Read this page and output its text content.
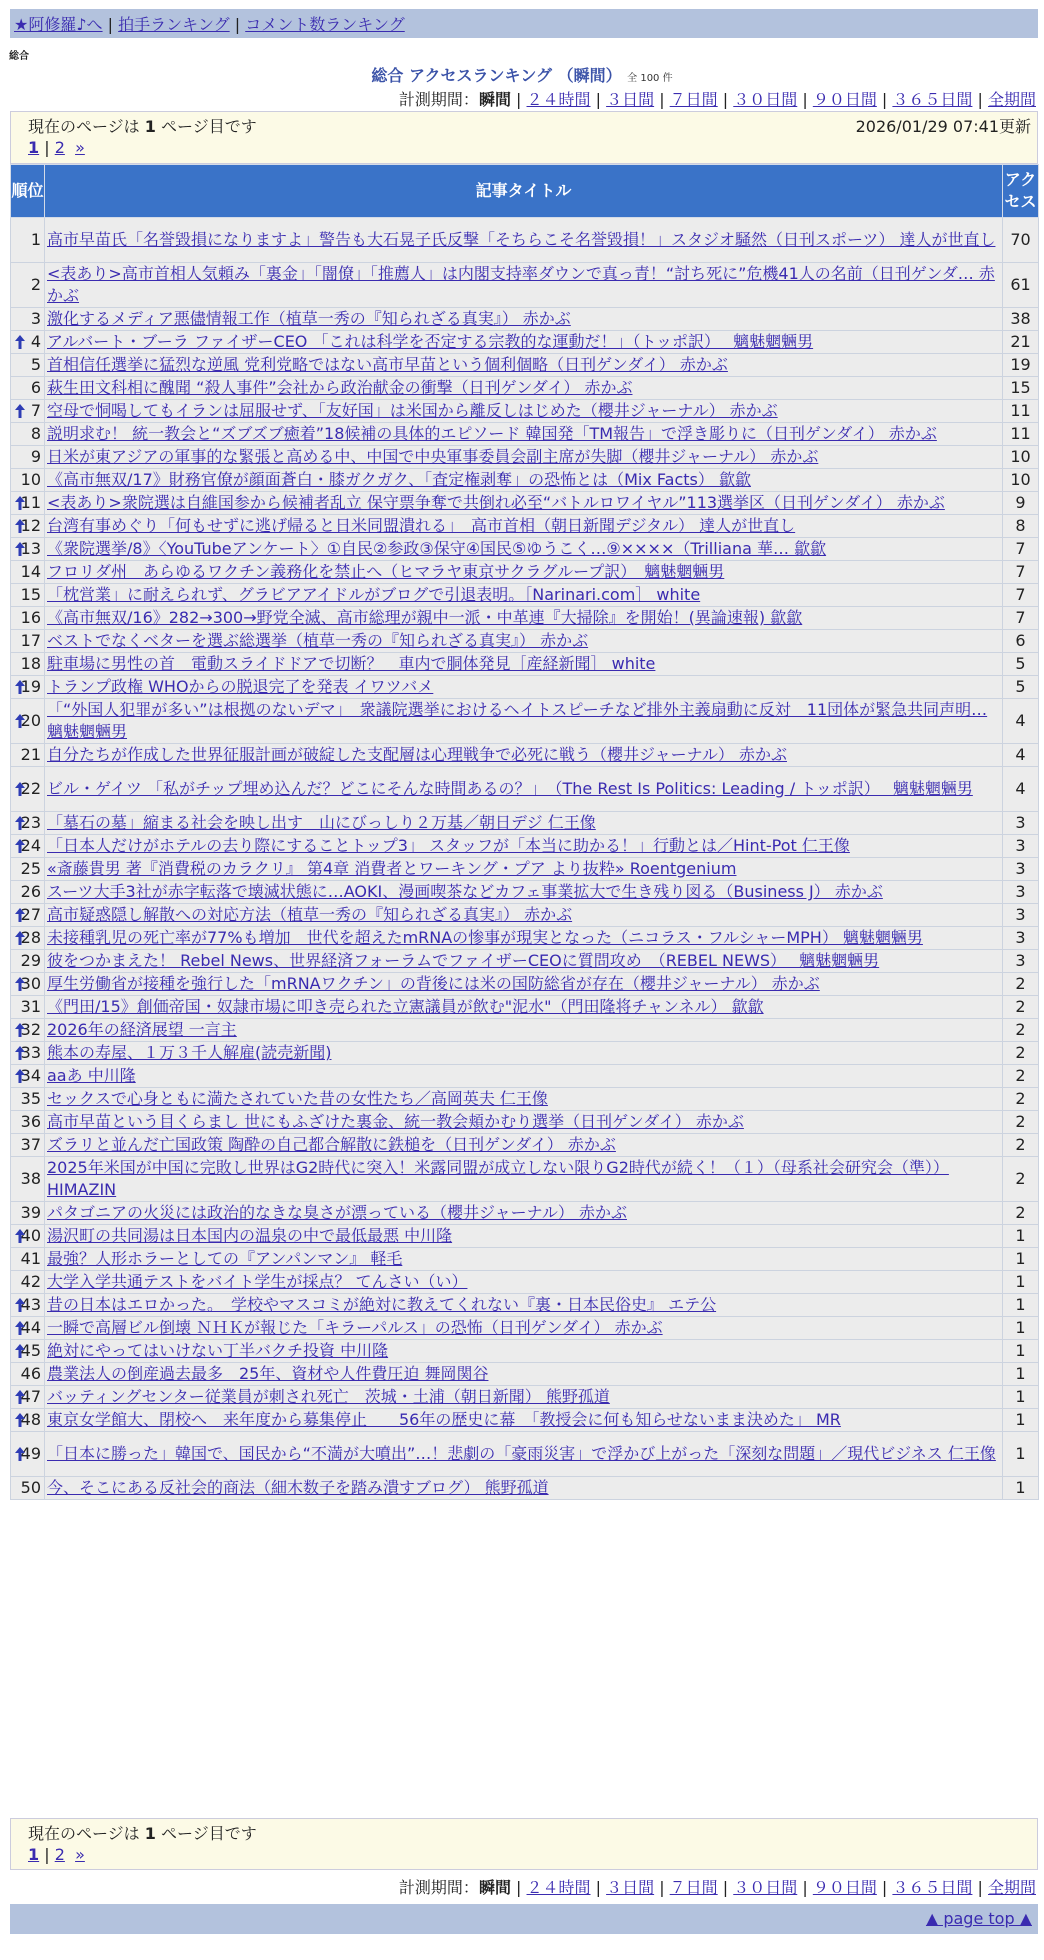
★阿修羅♪へ | 拍手ランキング | コメント数ランキング
総合
総合 アクセスランキング （瞬間） 全 100 件
計測期間：瞬間 | ２４時間 | ３日間 | ７日間 | ３０日間 | ９０日間 | ３６５日間 | 全期間
現在のページは 1 ページ目です	2026/01/29 07:41更新
1 | 2 »
順位	記事タイトル	アクセス
1	高市早苗氏「名誉毀損になりますよ」警告も大石晃子氏反撃「そちらこそ名誉毀損！」スタジオ騒然（日刊スポーツ） 達人が世直し	70
2	<表あり>高市首相人気頼み「裏金」「闇僚」「推薦人」は内閣支持率ダウンで真っ青！“討ち死に”危機41人の名前（日刊ゲンダ… 赤かぶ	61
3	激化するメディア悪儘情報工作（植草一秀の『知られざる真実』） 赤かぶ	38

4	アルバート・ブーラ ファイザーCEO 「これは科学を否定する宗教的な運動だ！」（トッポ訳）　 魑魅魍魎男	21
5	首相信任選挙に猛烈な逆風 党利党略ではない高市早苗という個利個略（日刊ゲンダイ） 赤かぶ	19
6	萩生田文科相に醜聞 “殺人事件”会社から政治献金の衝撃（日刊ゲンダイ） 赤かぶ	15

7	空母で恫喝してもイランは屈服せず、「友好国」は米国から離反しはじめた（櫻井ジャーナル） 赤かぶ	11
8	説明求む！ 統一教会と“ズブズブ癒着”18候補の具体的エピソード 韓国発「TM報告」で浮き彫りに（日刊ゲンダイ） 赤かぶ	11
9	日米が東アジアの軍事的な緊張と高める中、中国で中央軍事委員会副主席が失脚（櫻井ジャーナル） 赤かぶ	10
10	《高市無双/17》財務官僚が顔面蒼白・膝ガクガク、「査定権剥奪」の恐怖とは（Mix Facts） 歙歙	10

11	<表あり>衆院選は自維国参から候補者乱立 保守票争奪で共倒れ必至“バトルロワイヤル”113選挙区（日刊ゲンダイ） 赤かぶ	9

12	台湾有事めぐり「何もせずに逃げ帰ると日米同盟潰れる」　高市首相（朝日新聞デジタル） 達人が世直し	8

13	《衆院選挙/8》〈YouTubeアンケート〉①自民②参政③保守④国民⑤ゆうこく…⑨××××（Trilliana 華… 歙歙	7
14	フロリダ州　あらゆるワクチン義務化を禁止へ（ヒマラヤ東京サクラグループ訳）　魑魅魍魎男	7
15	「枕営業」に耐えられず、グラビアアイドルがブログで引退表明。［Narinari.com］ white	7
16	《高市無双/16》282→300→野党全滅、高市総理が親中一派・中革連『大掃除』を開始！(異論速報) 歙歙	7
17	ベストでなくベターを選ぶ総選挙（植草一秀の『知られざる真実』） 赤かぶ	6
18	駐車場に男性の首　電動スライドドアで切断？　車内で胴体発見［産経新聞］ white	5

19	トランプ政権 WHOからの脱退完了を発表 イワツバメ	5

20	「“外国人犯罪が多い”は根拠のないデマ」　衆議院選挙におけるヘイトスピーチなど排外主義扇動に反対　11団体が緊急共同声明… 魑魅魍魎男	4
21	自分たちが作成した世界征服計画が破綻した支配層は心理戦争で必死に戦う（櫻井ジャーナル） 赤かぶ	4

22	ビル・ゲイツ 「私がチップ埋め込んだ？どこにそんな時間あるの？」　（The Rest Is Politics: Leading / トッポ訳）　 魑魅魍魎男	4

23	「墓石の墓」縮まる社会を映し出す　山にびっしり２万基／朝日デジ 仁王像	3

24	「日本人だけがホテルの去り際にすることトップ3」 スタッフが「本当に助かる！」行動とは／Hint-Pot 仁王像	3
25	«斎藤貴男 著『消費税のカラクリ』 第4章 消費者とワーキング・プア より抜粋» Roentgenium	3
26	スーツ大手3社が赤字転落で壊滅状態に…AOKI、漫画喫茶などカフェ事業拡大で生き残り図る（Business J） 赤かぶ	3

27	高市疑惑隠し解散への対応方法（植草一秀の『知られざる真実』） 赤かぶ	3

28	未接種乳児の死亡率が77%も増加　世代を超えたmRNAの惨事が現実となった（ニコラス・フルシャーMPH） 魑魅魍魎男	3
29	彼をつかまえた！ Rebel News、世界経済フォーラムでファイザーCEOに質問攻め　（REBEL NEWS）　 魑魅魍魎男	3

30	厚生労働省が接種を強行した「mRNAワクチン」の背後には米の国防総省が存在（櫻井ジャーナル） 赤かぶ	2
31	《門田/15》創価帝国・奴隷市場に叩き売られた立憲議員が飲む"泥水"（門田隆将チャンネル） 歙歙	2

32	2026年の経済展望 一言主	2

33	熊本の寿屋、１万３千人解雇(読売新聞)	2

34	aaあ 中川隆	2
35	セックスで心身ともに満たされていた昔の女性たち／高岡英夫 仁王像	2
36	高市早苗という目くらまし 世にもふざけた裏金、統一教会頬かむり選挙（日刊ゲンダイ） 赤かぶ	2
37	ズラリと並んだ亡国政策 陶酔の自己都合解散に鉄槌を（日刊ゲンダイ） 赤かぶ	2
38	2025年米国が中国に完敗し世界はG2時代に突入！米露同盟が成立しない限りG2時代が続く！（１）（母系社会研究会（準）） HIMAZIN	2
39	パタゴニアの火災には政治的なきな臭さが漂っている（櫻井ジャーナル） 赤かぶ	2

40	湯沢町の共同湯は日本国内の温泉の中で最低最悪 中川隆	1
41	最強？人形ホラーとしての『アンパンマン』 軽毛	1
42	大学入学共通テストをバイト学生が採点？ てんさい（い）	1

43	昔の日本はエロかった。　学校やマスコミが絶対に教えてくれない『裏・日本民俗史』 エテ公	1

44	一瞬で高層ビル倒壊 ＮＨＫが報じた「キラーパルス」の恐怖（日刊ゲンダイ） 赤かぶ	1

45	絶対にやってはいけない丁半バクチ投資 中川隆	1
46	農業法人の倒産過去最多　25年、資材や人件費圧迫 舞岡関谷	1

47	バッティングセンター従業員が刺され死亡　茨城・土浦（朝日新聞） 熊野孤道	1

48	東京女学館大、閉校へ　来年度から募集停止　　56年の歴史に幕　「教授会に何も知らせないまま決めた」 MR	1

49	「日本に勝った」韓国で、国民から“不満が大噴出”…！悲劇の「豪雨災害」で浮かび上がった「深刻な問題」／現代ビジネス 仁王像	1
50	今、そこにある反社会的商法（細木数子を踏み潰すブログ） 熊野孤道	1
現在のページは 1 ページ目です
1 | 2 »
計測期間：瞬間 | ２４時間 | ３日間 | ７日間 | ３０日間 | ９０日間 | ３６５日間 | 全期間
▲ page top ▲
